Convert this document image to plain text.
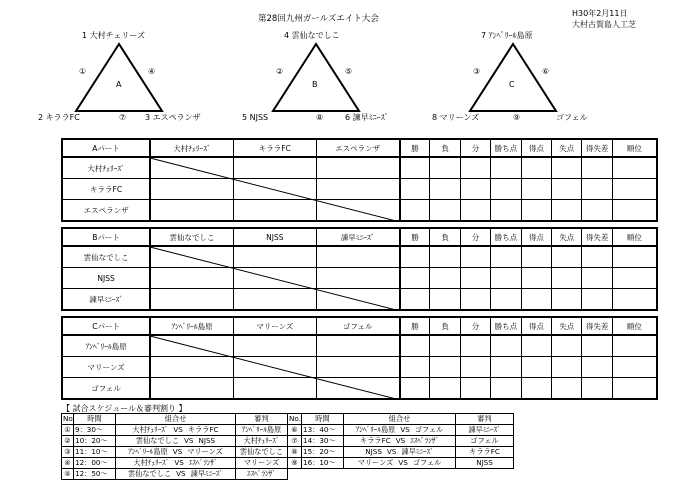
第28回九州ガールズエイト大会
H30年2月11日
大村古賀島人工芝
1 大村チェリーズ
2 キララFC	3 エスペランザ
①	④
⑦
A
4 雲仙なでしこ
5 NJSS	6 諫早ﾐﾆｰｽﾞ
②	⑤
⑧
B
7 ｱﾝﾍﾞﾘｰﾙ島原
8 マリーンズ	ゴフェル
③	⑥
⑨
C
Aパート	大村ﾁｪﾘｰｽﾞ	キララFC	エスペランザ	勝	負	分	勝ち点	得点	失点	得失差	順位
大村ﾁｪﾘｰｽﾞ											
キララFC											
エスペランザ											
Bパート	雲仙なでしこ	NJSS	諫早ﾐﾆｰｽﾞ	勝	負	分	勝ち点	得点	失点	得失差	順位
雲仙なでしこ											
NJSS											
諫早ﾐﾆｰｽﾞ											
Cパート	ｱﾝﾍﾞﾘｰﾙ島原	マリーンズ	ゴフェル	勝	負	分	勝ち点	得点	失点	得失差	順位
ｱﾝﾍﾞﾘｰﾙ島原											
マリーンズ											
ゴフェル											
【 試合スケジュール＆審判割り 】
No.	時間	組合せ	審判
①	9：30～	大村ﾁｪﾘｰｽﾞ VS キララFC	ｱﾝﾍﾞﾘｰﾙ島原
②	10：20～	雲仙なでしこ VS NJSS	大村ﾁｪﾘｰｽﾞ
③	11：10～	ｱﾝﾍﾞﾘｰﾙ島原 VS マリーンズ	雲仙なでしこ
④	12：00～	大村ﾁｪﾘｰｽﾞ VS ｴｽﾍﾟﾗﾝｻﾞ	マリーンズ
⑤	12：50～	雲仙なでしこ VS 諫早ﾐﾆｰｽﾞ	ｴｽﾍﾟﾗﾝｻﾞ
No.	時間	組合せ	審判
⑥	13：40～	ｱﾝﾍﾞﾘｰﾙ島原 VS ゴフェル	諫早ﾐﾆｰｽﾞ
⑦	14：30～	キララFC VS ｴｽﾍﾟﾗﾝｻﾞ	ゴフェル
⑧	15：20～	NJSS VS 諫早ﾐﾆｰｽﾞ	キララFC
⑨	16：10～	マリーンズ VS ゴフェル	NJSS
